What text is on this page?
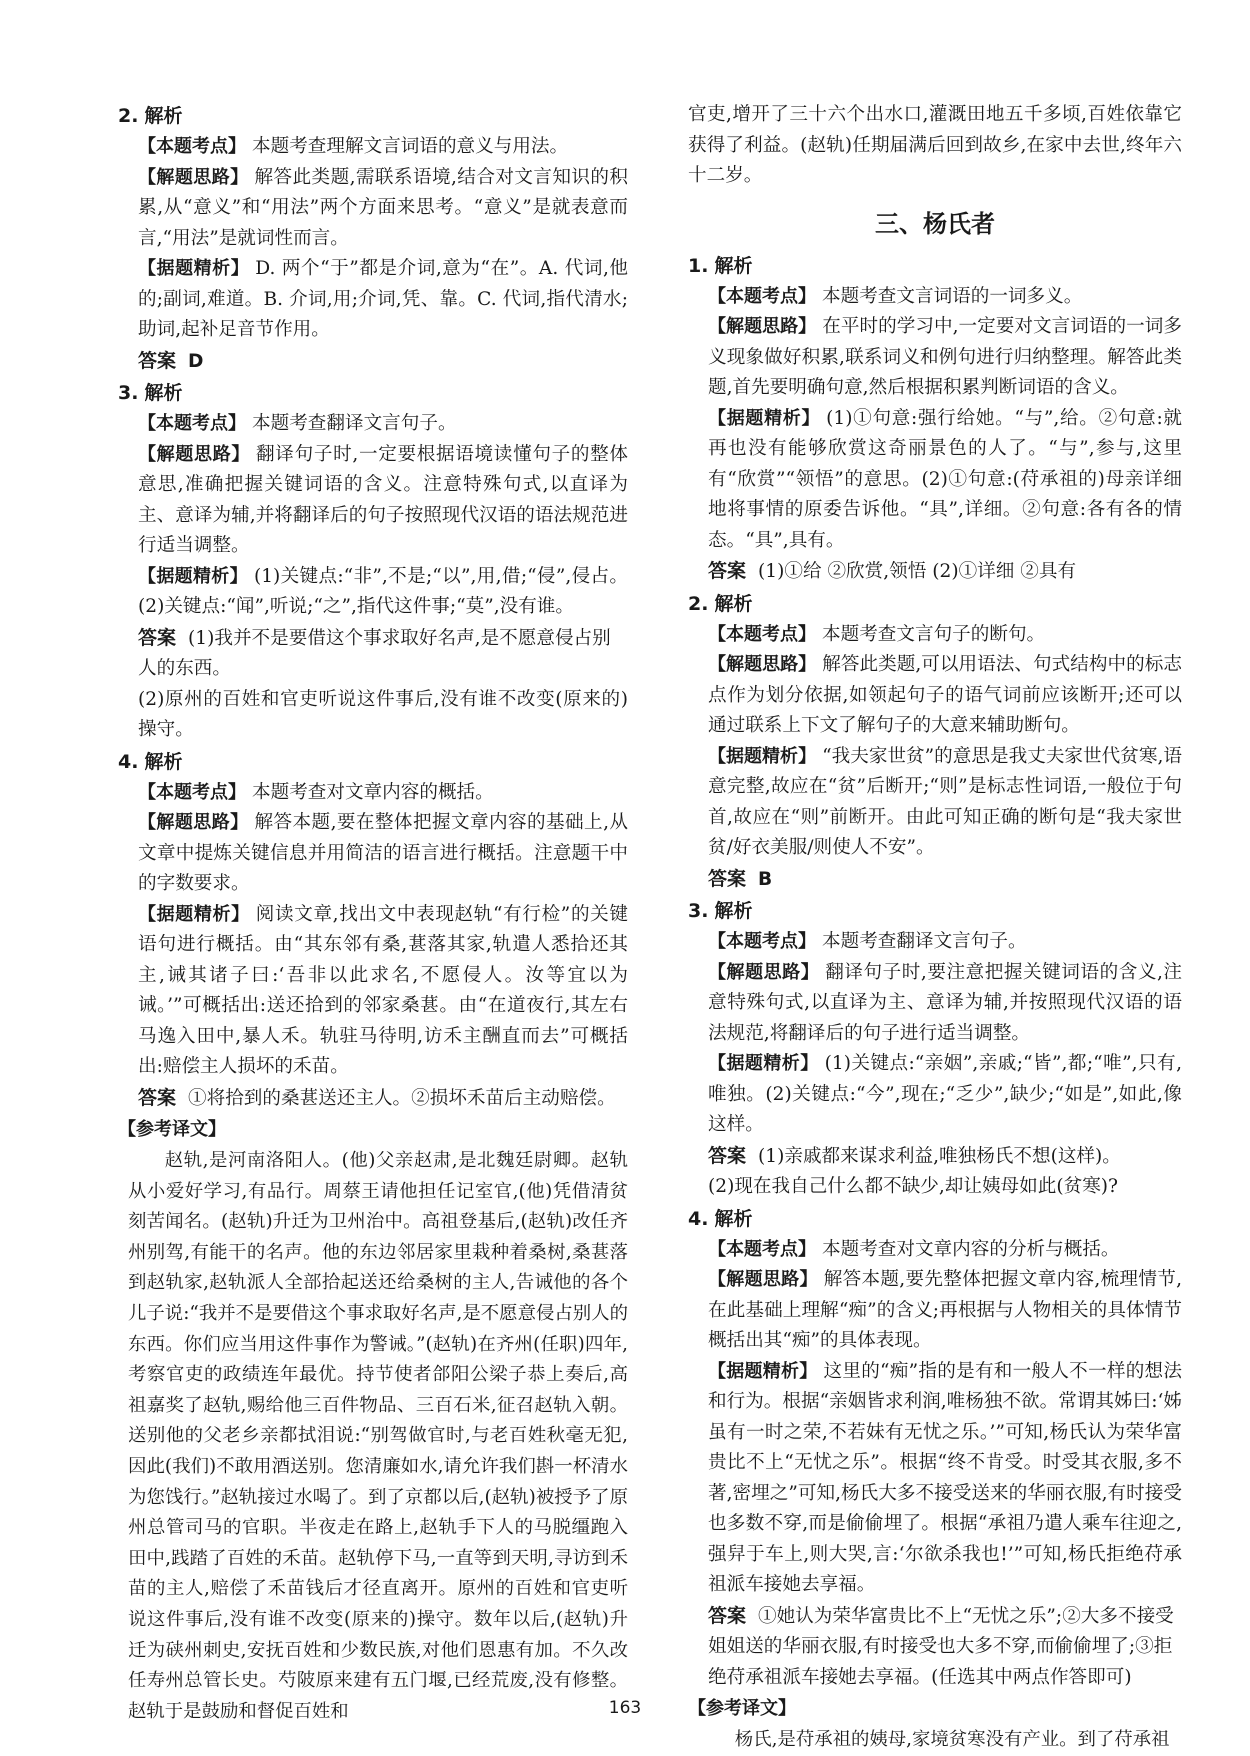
2. 解析

【本题考点】 本题考查理解文言词语的意义与用法。

【解题思路】 解答此类题,需联系语境,结合对文言知识的积累,从“意义”和“用法”两个方面来思考。“意义”是就表意而言,“用法”是就词性而言。

【据题精析】 D. 两个“于”都是介词,意为“在”。A. 代词,他的;副词,难道。B. 介词,用;介词,凭、靠。C. 代词,指代清水;助词,起补足音节作用。

答案 D

3. 解析

【本题考点】 本题考查翻译文言句子。

【解题思路】 翻译句子时,一定要根据语境读懂句子的整体意思,准确把握关键词语的含义。注意特殊句式,以直译为主、意译为辅,并将翻译后的句子按照现代汉语的语法规范进行适当调整。

【据题精析】 (1)关键点:“非”,不是;“以”,用,借;“侵”,侵占。(2)关键点:“闻”,听说;“之”,指代这件事;“莫”,没有谁。

答案 (1)我并不是要借这个事求取好名声,是不愿意侵占别人的东西。

(2)原州的百姓和官吏听说这件事后,没有谁不改变(原来的)操守。

4. 解析

【本题考点】 本题考查对文章内容的概括。

【解题思路】 解答本题,要在整体把握文章内容的基础上,从文章中提炼关键信息并用简洁的语言进行概括。注意题干中的字数要求。

【据题精析】 阅读文章,找出文中表现赵轨“有行检”的关键语句进行概括。由“其东邻有桑,葚落其家,轨遣人悉拾还其主,诫其诸子曰:‘吾非以此求名,不愿侵人。汝等宜以为诫。’”可概括出:送还拾到的邻家桑葚。由“在道夜行,其左右马逸入田中,暴人禾。轨驻马待明,访禾主酬直而去”可概括出:赔偿主人损坏的禾苗。

答案 ①将拾到的桑葚送还主人。②损坏禾苗后主动赔偿。

【参考译文】

赵轨,是河南洛阳人。(他)父亲赵肃,是北魏廷尉卿。赵轨从小爱好学习,有品行。周蔡王请他担任记室官,(他)凭借清贫刻苦闻名。(赵轨)升迁为卫州治中。高祖登基后,(赵轨)改任齐州别驾,有能干的名声。他的东边邻居家里栽种着桑树,桑葚落到赵轨家,赵轨派人全部拾起送还给桑树的主人,告诫他的各个儿子说:“我并不是要借这个事求取好名声,是不愿意侵占别人的东西。你们应当用这件事作为警诫。”(赵轨)在齐州(任职)四年,考察官吏的政绩连年最优。持节使者郃阳公梁子恭上奏后,高祖嘉奖了赵轨,赐给他三百件物品、三百石米,征召赵轨入朝。送别他的父老乡亲都拭泪说:“别驾做官时,与老百姓秋毫无犯,因此(我们)不敢用酒送别。您清廉如水,请允许我们斟一杯清水为您饯行。”赵轨接过水喝了。到了京都以后,(赵轨)被授予了原州总管司马的官职。半夜走在路上,赵轨手下人的马脱缰跑入田中,践踏了百姓的禾苗。赵轨停下马,一直等到天明,寻访到禾苗的主人,赔偿了禾苗钱后才径直离开。原州的百姓和官吏听说这件事后,没有谁不改变(原来的)操守。数年以后,(赵轨)升迁为硖州刺史,安抚百姓和少数民族,对他们恩惠有加。不久改任寿州总管长史。芍陂原来建有五门堰,已经荒废,没有修整。赵轨于是鼓励和督促百姓和

官吏,增开了三十六个出水口,灌溉田地五千多顷,百姓依靠它获得了利益。(赵轨)任期届满后回到故乡,在家中去世,终年六十二岁。

三、杨氏者

1. 解析

【本题考点】 本题考查文言词语的一词多义。

【解题思路】 在平时的学习中,一定要对文言词语的一词多义现象做好积累,联系词义和例句进行归纳整理。解答此类题,首先要明确句意,然后根据积累判断词语的含义。

【据题精析】 (1)①句意:强行给她。“与”,给。②句意:就再也没有能够欣赏这奇丽景色的人了。“与”,参与,这里有“欣赏”“领悟”的意思。(2)①句意:(苻承祖的)母亲详细地将事情的原委告诉他。“具”,详细。②句意:各有各的情态。“具”,具有。

答案 (1)①给 ②欣赏,领悟 (2)①详细 ②具有

2. 解析

【本题考点】 本题考查文言句子的断句。

【解题思路】 解答此类题,可以用语法、句式结构中的标志点作为划分依据,如领起句子的语气词前应该断开;还可以通过联系上下文了解句子的大意来辅助断句。

【据题精析】 “我夫家世贫”的意思是我丈夫家世代贫寒,语意完整,故应在“贫”后断开;“则”是标志性词语,一般位于句首,故应在“则”前断开。由此可知正确的断句是“我夫家世贫/好衣美服/则使人不安”。

答案 B

3. 解析

【本题考点】 本题考查翻译文言句子。

【解题思路】 翻译句子时,要注意把握关键词语的含义,注意特殊句式,以直译为主、意译为辅,并按照现代汉语的语法规范,将翻译后的句子进行适当调整。

【据题精析】 (1)关键点:“亲姻”,亲戚;“皆”,都;“唯”,只有,唯独。(2)关键点:“今”,现在;“乏少”,缺少;“如是”,如此,像这样。

答案 (1)亲戚都来谋求利益,唯独杨氏不想(这样)。

(2)现在我自己什么都不缺少,却让姨母如此(贫寒)?

4. 解析

【本题考点】 本题考查对文章内容的分析与概括。

【解题思路】 解答本题,要先整体把握文章内容,梳理情节,在此基础上理解“痴”的含义;再根据与人物相关的具体情节概括出其“痴”的具体表现。

【据题精析】 这里的“痴”指的是有和一般人不一样的想法和行为。根据“亲姻皆求利润,唯杨独不欲。常谓其姊曰:‘姊虽有一时之荣,不若妹有无忧之乐。’”可知,杨氏认为荣华富贵比不上“无忧之乐”。根据“终不肯受。时受其衣服,多不著,密埋之”可知,杨氏大多不接受送来的华丽衣服,有时接受也多数不穿,而是偷偷埋了。根据“承祖乃遣人乘车往迎之,强舁于车上,则大哭,言:‘尔欲杀我也!’”可知,杨氏拒绝苻承祖派车接她去享福。

答案 ①她认为荣华富贵比不上“无忧之乐”;②大多不接受姐姐送的华丽衣服,有时接受也大多不穿,而偷偷埋了;③拒绝苻承祖派车接她去享福。(任选其中两点作答即可)

【参考译文】

杨氏,是苻承祖的姨母,家境贫寒没有产业。到了苻承祖

163
